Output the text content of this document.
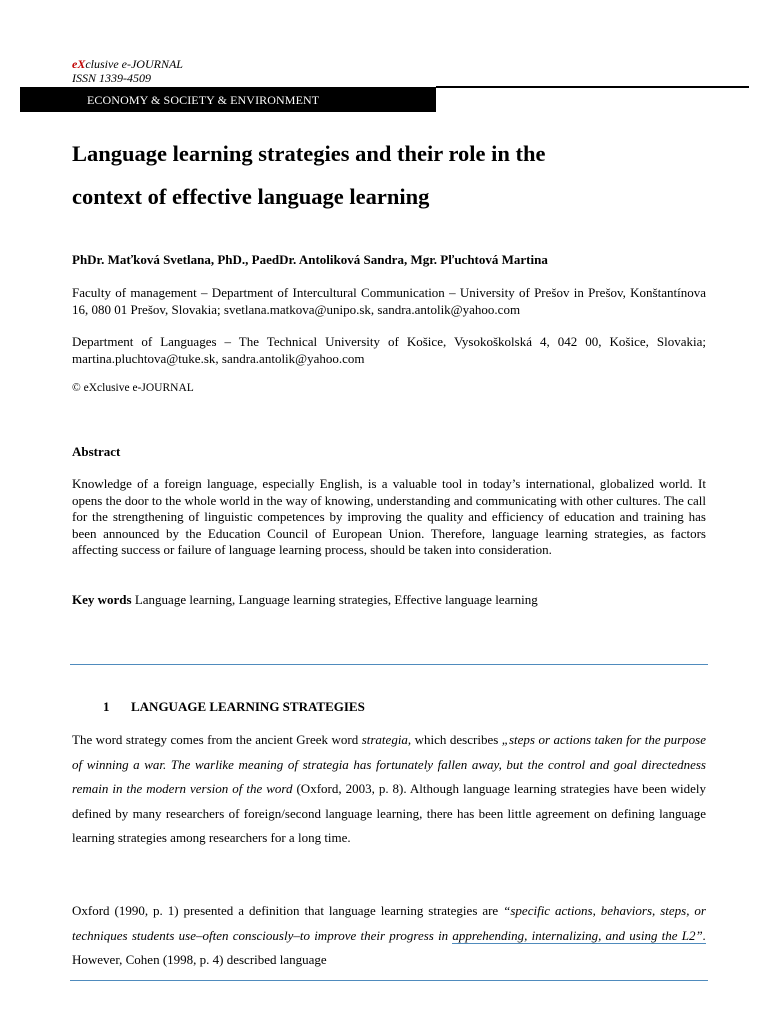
eXclusive e-JOURNAL
ISSN 1339-4509
ECONOMY & SOCIETY & ENVIRONMENT
Language learning strategies and their role in the
context of effective language learning
PhDr. Maťková Svetlana, PhD., PaedDr. Antoliková Sandra, Mgr. Pľuchtová Martina
Faculty of management – Department of Intercultural Communication – University of Prešov in Prešov, Konštantínova 16, 080 01 Prešov, Slovakia; svetlana.matkova@unipo.sk, sandra.antolik@yahoo.com
Department of Languages – The Technical University of Košice, Vysokoškolská 4, 042 00, Košice, Slovakia; martina.pluchtova@tuke.sk, sandra.antolik@yahoo.com
© eXclusive e-JOURNAL
Abstract
Knowledge of a foreign language, especially English, is a valuable tool in today’s international, globalized world. It opens the door to the whole world in the way of knowing, understanding and communicating with other cultures. The call for the strengthening of linguistic competences by improving the quality and efficiency of education and training has been announced by the Education Council of European Union. Therefore, language learning strategies, as factors affecting success or failure of language learning process, should be taken into consideration.
Key words Language learning, Language learning strategies, Effective language learning
1 LANGUAGE LEARNING STRATEGIES
The word strategy comes from the ancient Greek word strategia, which describes „steps or actions taken for the purpose of winning a war. The warlike meaning of strategia has fortunately fallen away, but the control and goal directedness remain in the modern version of the word (Oxford, 2003, p. 8). Although language learning strategies have been widely defined by many researchers of foreign/second language learning, there has been little agreement on defining language learning strategies among researchers for a long time.
Oxford (1990, p. 1) presented a definition that language learning strategies are “specific actions, behaviors, steps, or techniques students use–often consciously–to improve their progress in apprehending, internalizing, and using the L2”. However, Cohen (1998, p. 4) described language
